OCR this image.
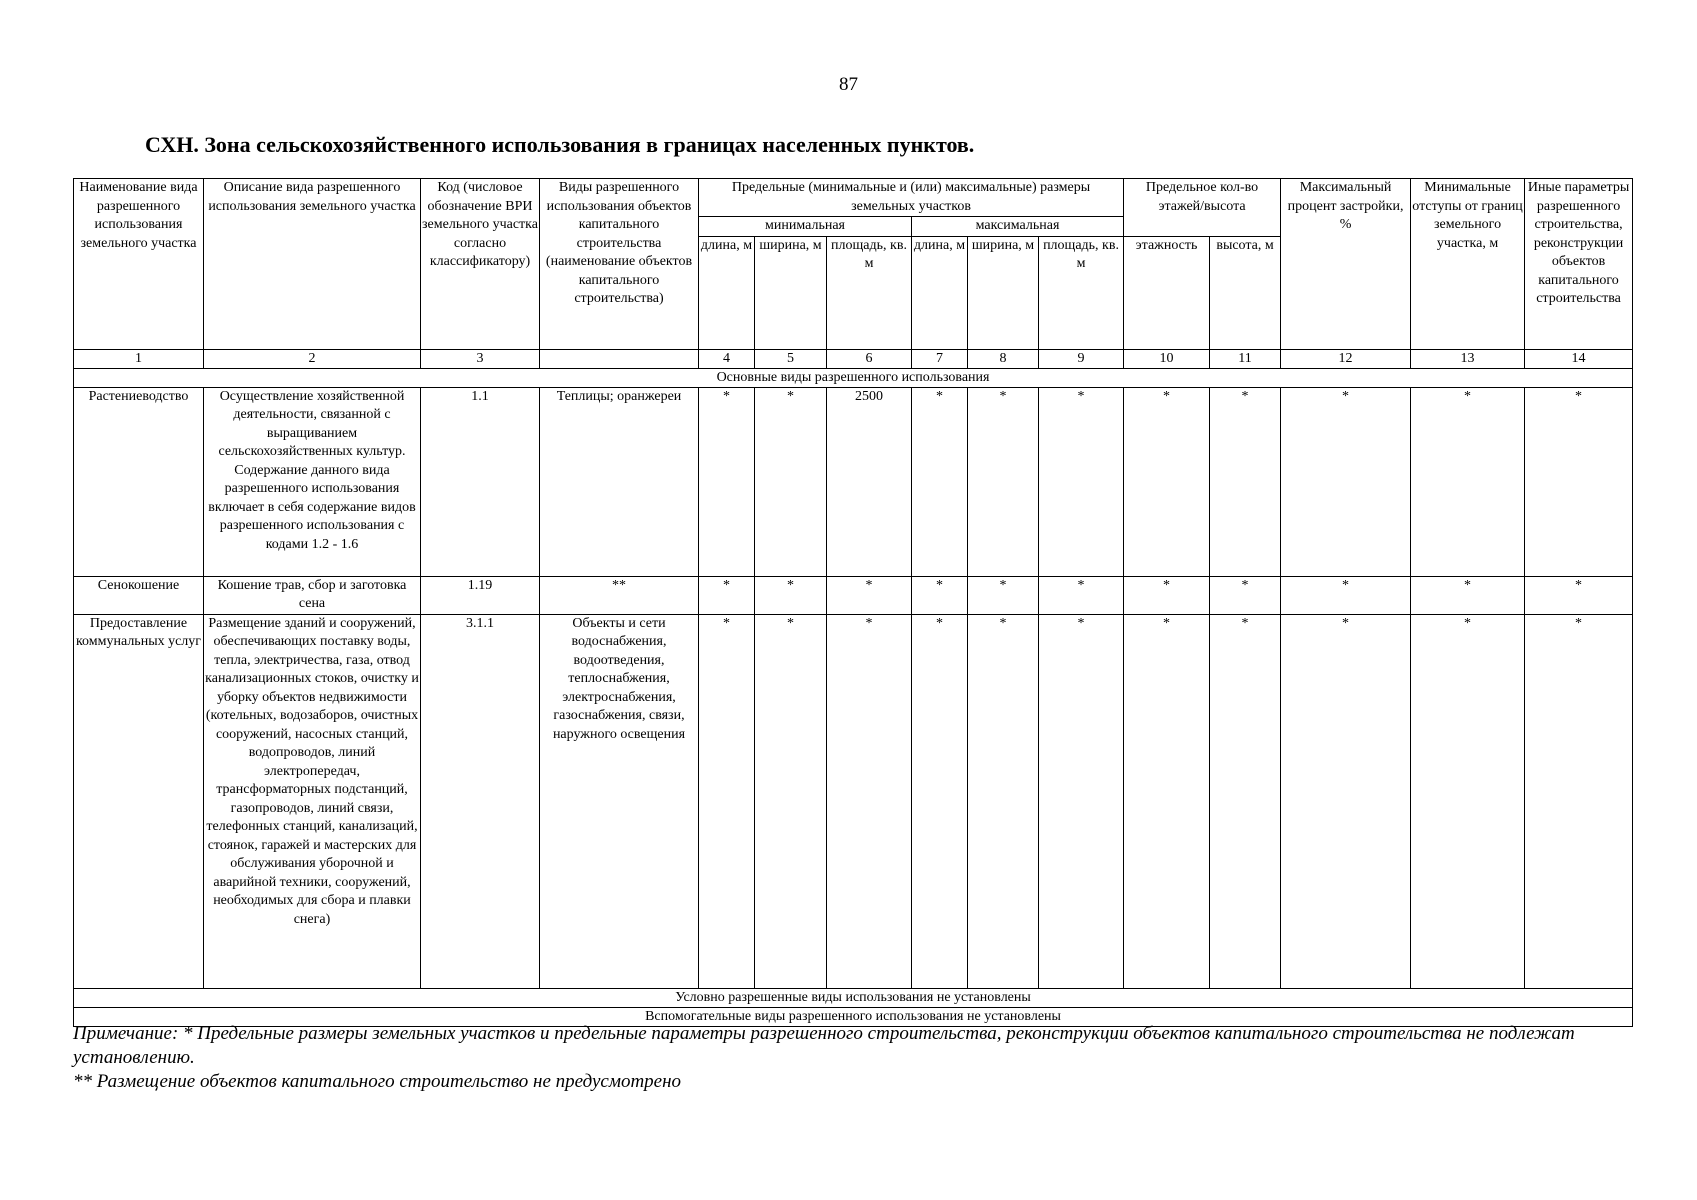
87
СХН. Зона сельскохозяйственного использования в границах населенных пунктов.
Наименование вида разрешенного использования земельного участка	Описание вида разрешенного использования земельного участка	Код (числовое обозначение ВРИ земельного участка согласно классификатору)	Виды разрешенного использования объектов капитального строительства (наименование объектов капитального строительства)	Предельные (минимальные и (или) максимальные) размеры земельных участков						Предельное кол-во этажей/высота		Максимальный процент застройки, %	Минимальные отступы от границ земельного участка, м	Иные параметры разрешенного строительства, реконструкции объектов капитального строительства
				минимальная			максимальная							
				длина, м	ширина, м	площадь, кв. м	длина, м	ширина, м	площадь, кв. м	этажность	высота, м			
1	2	3		4	5	6	7	8	9	10	11	12	13	14
Основные виды разрешенного использования														
Растениеводство	Осуществление хозяйственной деятельности, связанной с выращиванием сельскохозяйственных культур. Содержание данного вида разрешенного использования включает в себя содержание видов разрешенного использования с кодами 1.2 - 1.6	1.1	Теплицы; оранжереи	*	*	2500	*	*	*	*	*	*	*	*
Сенокошение	Кошение трав, сбор и заготовка сена	1.19	**	*	*	*	*	*	*	*	*	*	*	*
Предоставление коммунальных услуг	Размещение зданий и сооружений, обеспечивающих поставку воды, тепла, электричества, газа, отвод канализационных стоков, очистку и уборку объектов недвижимости (котельных, водозаборов, очистных сооружений, насосных станций, водопроводов, линий электропередач, трансформаторных подстанций, газопроводов, линий связи, телефонных станций, канализаций, стоянок, гаражей и мастерских для обслуживания уборочной и аварийной техники, сооружений, необходимых для сбора и плавки снега)	3.1.1	Объекты и сети водоснабжения, водоотведения, теплоснабжения, электроснабжения, газоснабжения, связи, наружного освещения	*	*	*	*	*	*	*	*	*	*	*
Условно разрешенные виды использования не установлены														
Вспомогательные виды разрешенного использования не установлены														
Примечание: * Предельные размеры земельных участков и предельные параметры разрешенного строительства, реконструкции объектов капитального строительства не подлежат установлению.
** Размещение объектов капитального строительство не предусмотрено
